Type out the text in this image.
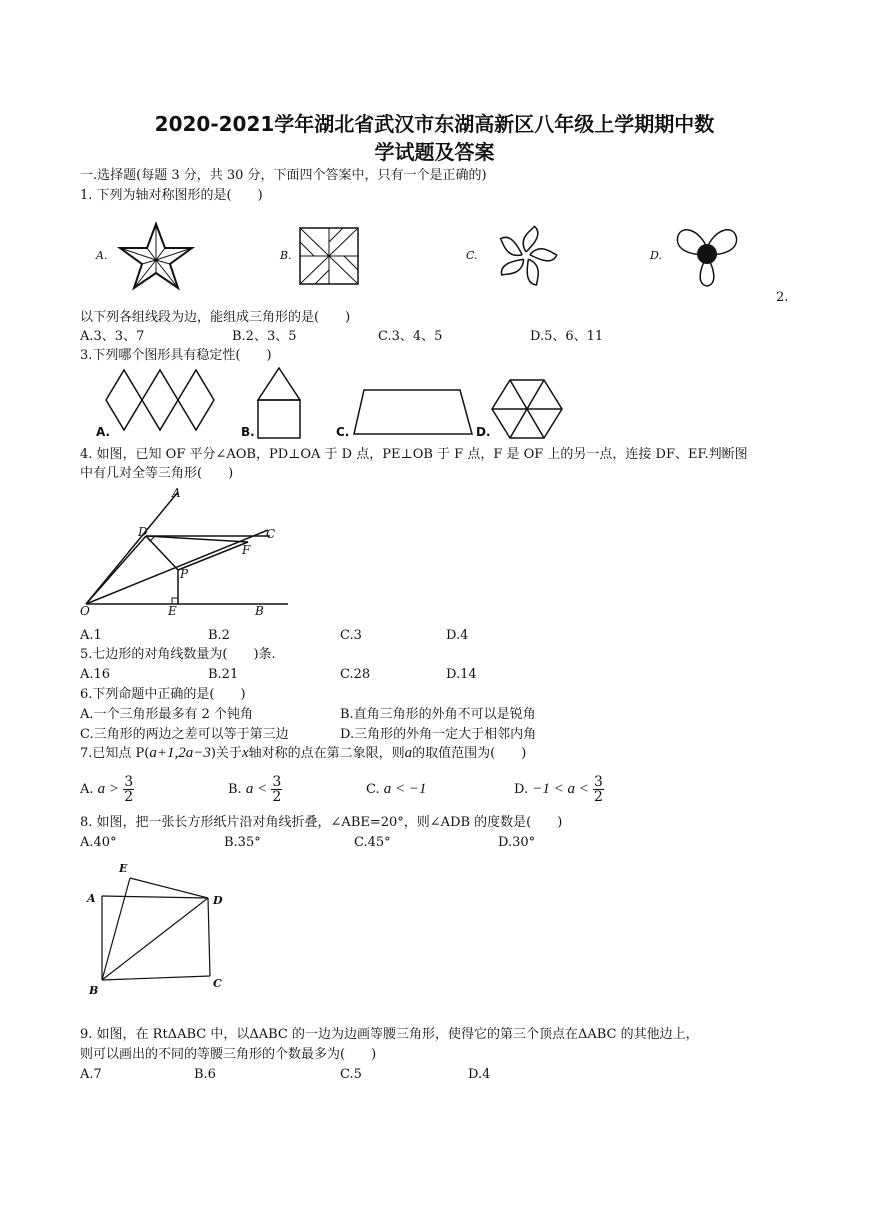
2020-2021学年湖北省武汉市东湖高新区八年级上学期期中数
学试题及答案
一.选择题(每题 3 分，共 30 分，下面四个答案中，只有一个是正确的)
1. 下列为轴对称图形的是(　　)
A.	B.	C.	D.
2.
以下列各组线段为边，能组成三角形的是(　　)
A.3、3、7	B.2、3、5	C.3、4、5	D.5、6、11
3.下列哪个图形具有稳定性(　　)
A.	B.	C.	D.
4. 如图，已知 OF 平分∠AOB，PD⊥OA 于 D 点，PE⊥OB 于 F 点，F 是 OF 上的另一点，连接 DF、EF.判断图
中有几对全等三角形(　　)
A
D	C
F
P
O	E	B
A.1	B.2	C.3	D.4
5.七边形的对角线数量为(　　)条.
A.16	B.21	C.28	D.14
6.下列命题中正确的是(　　)
A.一个三角形最多有 2 个钝角	B.直角三角形的外角不可以是锐角
C.三角形的两边之差可以等于第三边	D.三角形的外角一定大于相邻内角
7.已知点 P(a+1,2a−3)关于x轴对称的点在第二象限，则a的取值范围为(　　)
A. $a > \frac{3}{2}$	B. $a < \frac{3}{2}$	C. a < −1	D. $-1 < a < \frac{3}{2}$
8. 如图，把一张长方形纸片沿对角线折叠，∠ABE=20°，则∠ADB 的度数是(　　)
A.40°	B.35°	C.45°	D.30°
E
A	D
B
C
9. 如图，在 RtΔABC 中，以ΔABC 的一边为边画等腰三角形，使得它的第三个顶点在ΔABC 的其他边上，
则可以画出的不同的等腰三角形的个数最多为(　　)
A.7	B.6	C.5	D.4
